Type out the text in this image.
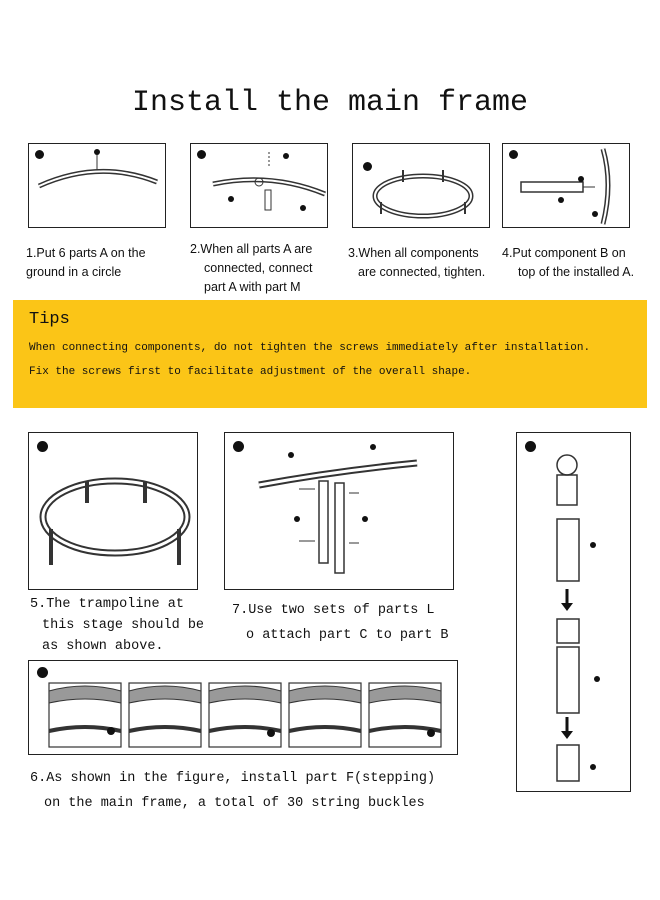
Install the main frame
1.Put 6 parts A on the ground in a circle
2.When all parts A are
connected, connect
part A with part M
3.When all components
are connected, tighten.
4.Put component B on
top of the installed A.
Tips
When connecting components, do not tighten the screws immediately after installation.
Fix the screws first to facilitate adjustment of the overall shape.
5.The trampoline at
this stage should be
as shown above.
7.Use two sets of parts L
o attach part C to part B
6.As shown in the figure, install part F(stepping)
on the main frame, a total of 30 string buckles
